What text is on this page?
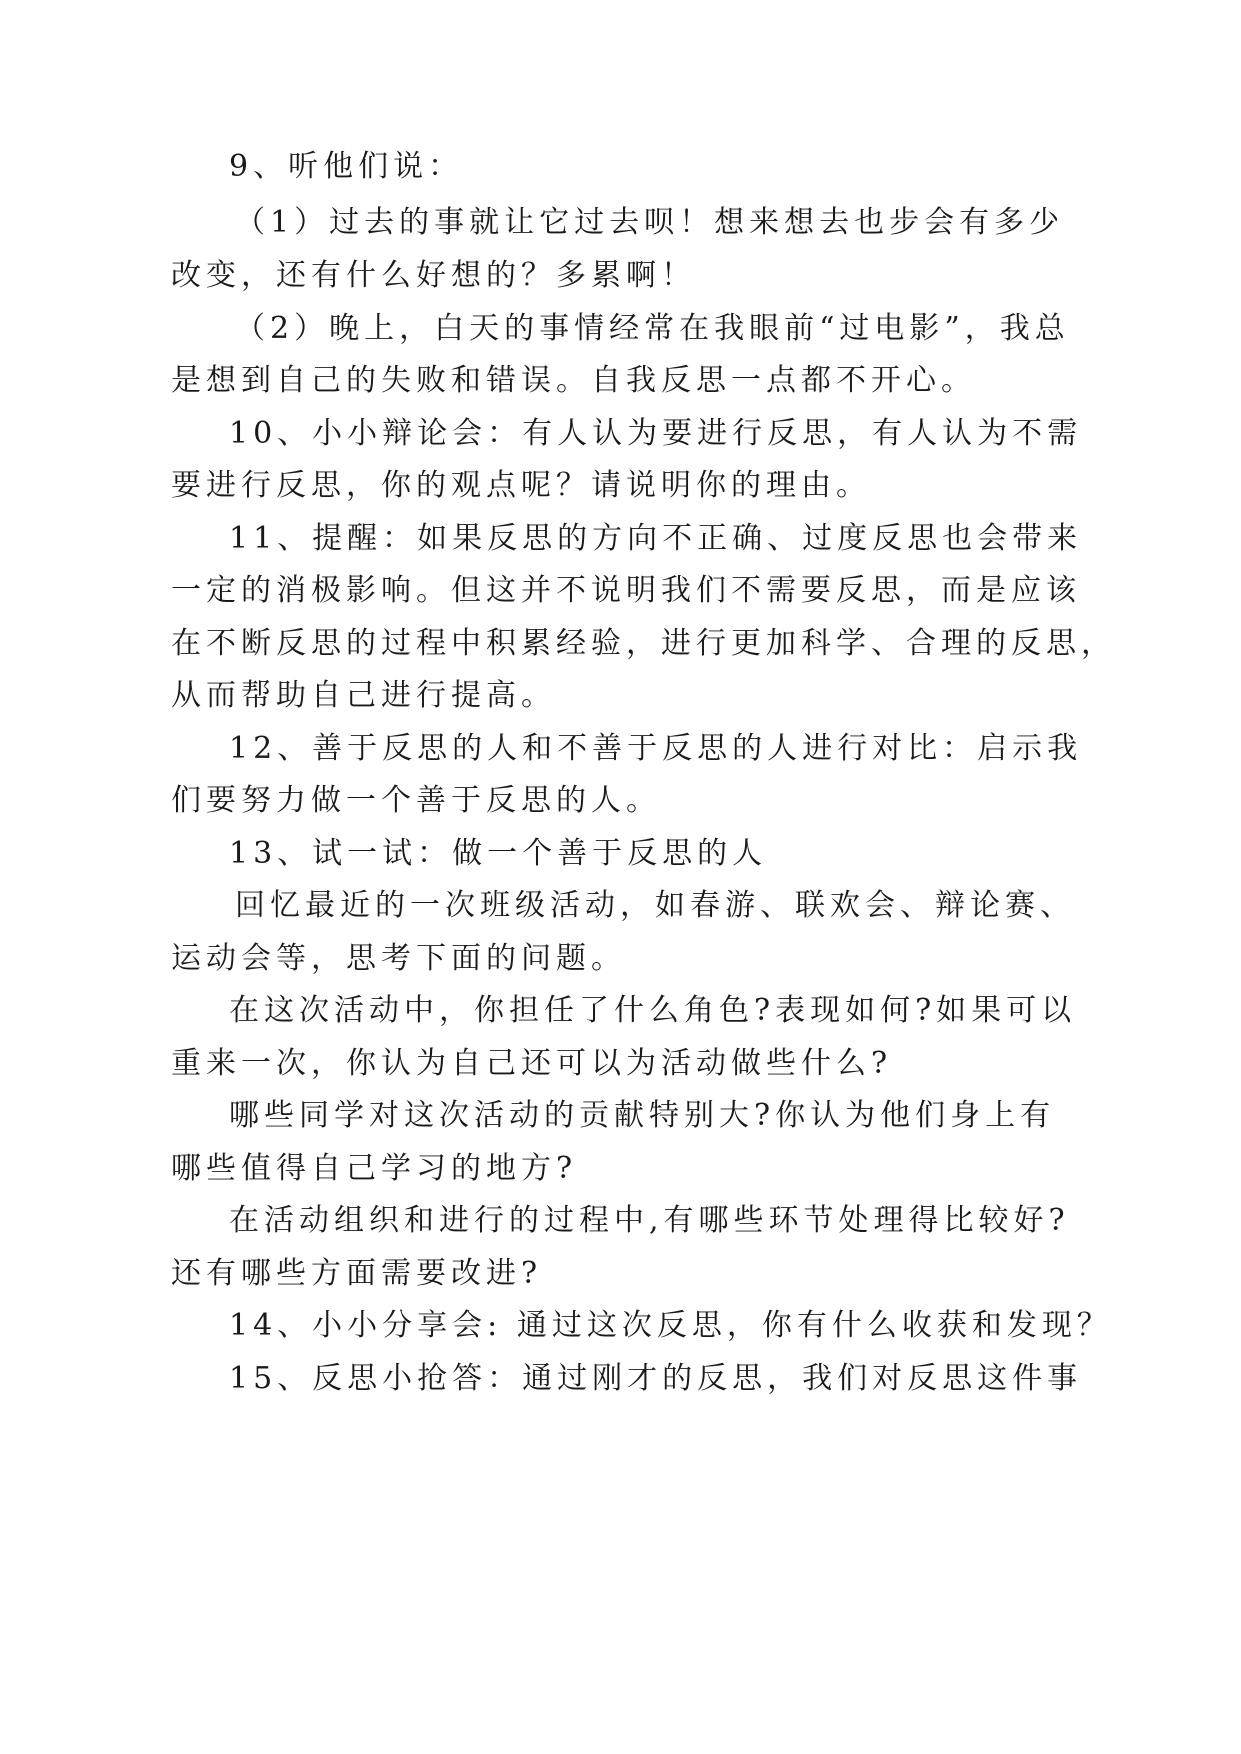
9、听他们说：
（1）过去的事就让它过去呗！想来想去也步会有多少
改变，还有什么好想的？多累啊！
（2）晚上，白天的事情经常在我眼前“过电影”，我总
是想到自己的失败和错误。自我反思一点都不开心。
10、小小辩论会：有人认为要进行反思，有人认为不需
要进行反思，你的观点呢？请说明你的理由。
11、提醒：如果反思的方向不正确、过度反思也会带来
一定的消极影响。但这并不说明我们不需要反思，而是应该
在不断反思的过程中积累经验，进行更加科学、合理的反思，
从而帮助自己进行提高。
12、善于反思的人和不善于反思的人进行对比：启示我
们要努力做一个善于反思的人。
13、试一试：做一个善于反思的人
回忆最近的一次班级活动，如春游、联欢会、辩论赛、
运动会等，思考下面的问题。
在这次活动中，你担任了什么角色?表现如何?如果可以
重来一次，你认为自己还可以为活动做些什么?
哪些同学对这次活动的贡献特别大?你认为他们身上有
哪些值得自己学习的地方?
在活动组织和进行的过程中,有哪些环节处理得比较好?
还有哪些方面需要改进?
14、小小分享会: 通过这次反思，你有什么收获和发现？
15、反思小抢答：通过刚才的反思，我们对反思这件事
